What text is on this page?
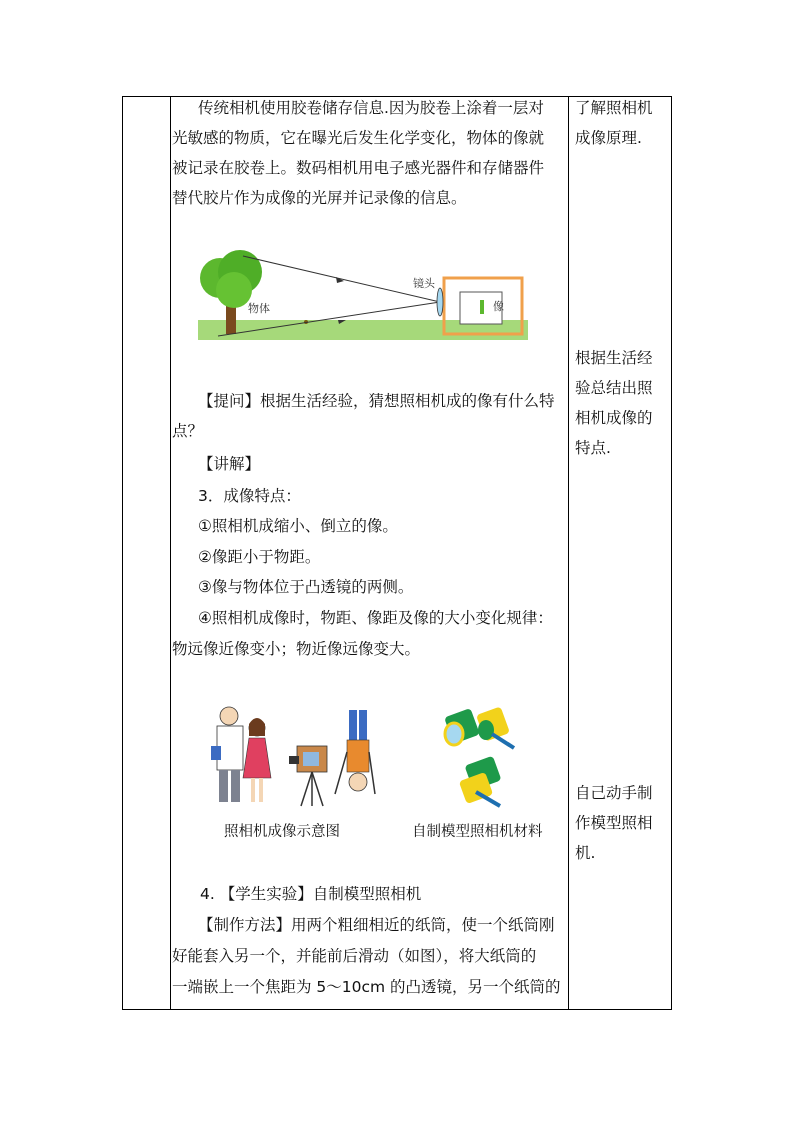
传统相机使用胶卷储存信息.因为胶卷上涂着一层对

光敏感的物质，它在曝光后发生化学变化，物体的像就

被记录在胶卷上。数码相机用电子感光器件和存储器件

替代胶片作为成像的光屏并记录像的信息。

物体
镜头
像

【提问】根据生活经验，猜想照相机成的像有什么特

点？

【讲解】

3．成像特点：

①照相机成缩小、倒立的像。

②像距小于物距。

③像与物体位于凸透镜的两侧。

④照相机成像时，物距、像距及像的大小变化规律：

物远像近像变小；物近像远像变大。

照相机成像示意图	自制模型照相机材料

4. 【学生实验】自制模型照相机

【制作方法】用两个粗细相近的纸筒，使一个纸筒刚

好能套入另一个，并能前后滑动（如图），将大纸筒的

一端嵌上一个焦距为 5～10cm 的凸透镜，另一个纸筒的

了解照相机
成像原理.
根据生活经
验总结出照
相机成像的
特点.
自己动手制
作模型照相
机.
